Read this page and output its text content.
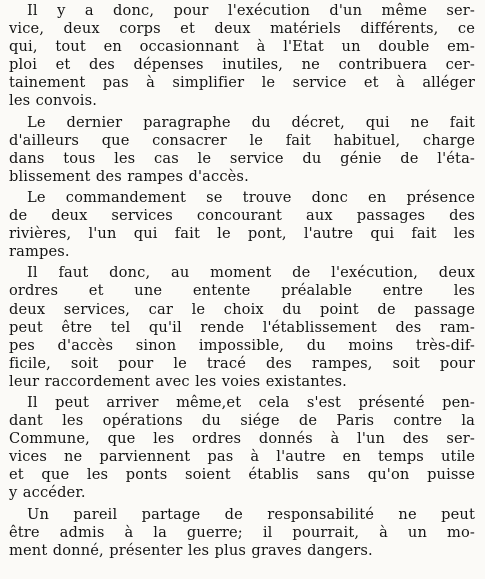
Il y a donc, pour l'exécution d'un même ser-
vice, deux corps et deux matériels différents, ce
qui, tout en occasionnant à l'Etat un double em-
ploi et des dépenses inutiles, ne contribuera cer-
tainement pas à simplifier le service et à alléger
les convois.
Le dernier paragraphe du décret, qui ne fait
d'ailleurs que consacrer le fait habituel, charge
dans tous les cas le service du génie de l'éta-
blissement des rampes d'accès.
Le commandement se trouve donc en présence
de deux services concourant aux passages des
rivières, l'un qui fait le pont, l'autre qui fait les
rampes.
Il faut donc, au moment de l'exécution, deux
ordres et une entente préalable entre les
deux services, car le choix du point de passage
peut être tel qu'il rende l'établissement des ram-
pes d'accès sinon impossible, du moins très-dif-
ficile, soit pour le tracé des rampes, soit pour
leur raccordement avec les voies existantes.
Il peut arriver même,et cela s'est présenté pen-
dant les opérations du siége de Paris contre la
Commune, que les ordres donnés à l'un des ser-
vices ne parviennent pas à l'autre en temps utile
et que les ponts soient établis sans qu'on puisse
y accéder.
Un pareil partage de responsabilité ne peut
être admis à la guerre; il pourrait, à un mo-
ment donné, présenter les plus graves dangers.
